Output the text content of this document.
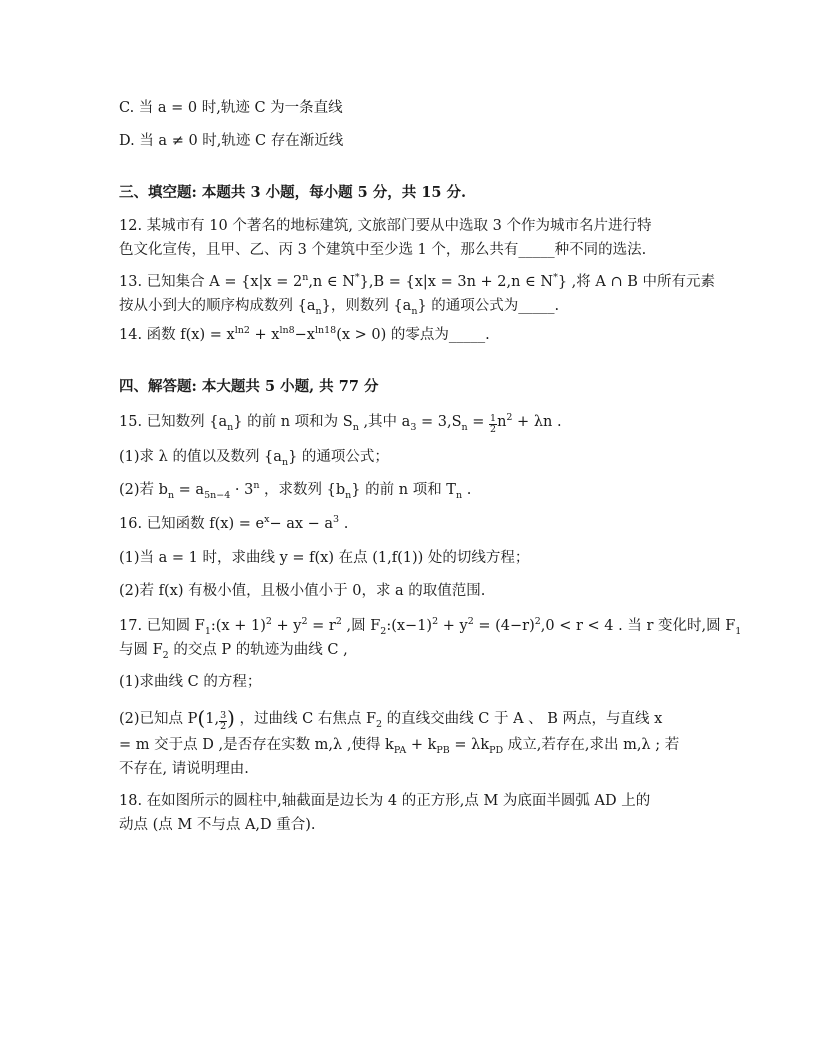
C. 当 a = 0 时,轨迹 C 为一条直线
D. 当 a ≠ 0 时,轨迹 C 存在渐近线
三、填空题: 本题共 3 小题，每小题 5 分，共 15 分.
12. 某城市有 10 个著名的地标建筑, 文旅部门要从中选取 3 个作为城市名片进行特
色文化宣传，且甲、乙、丙 3 个建筑中至少选 1 个，那么共有_____种不同的选法.
13. 已知集合 $A = \{x|x = 2^n,n$ ∈ N*},B = {x|x = 3n + 2,n ∈ N*} ,将 A ∩ B 中所有元素
按从小到大的顺序构成数列 $\{a_n\}$，则数列 $\{a_n\}$ 的通项公式为_____.
14. 函数 $f(x) = x^{ln2} + x^{ln8}-x^{ln18}(x > 0)$ 的零点为_____.
四、解答题: 本大题共 5 小题, 共 77 分
15. 已知数列 $\{a_n\}$ 的前 n 项和为 $S_n$ ,其中 $a_3 = 3,S_n = \frac{1}{2} n^2 + \lambda n$ .
(1)求 λ 的值以及数列 $\{a_n\}$ 的通项公式；
(2)若 $b_n = a_{5n-4} \cdot 3^n$ ，求数列 $\{b_n\}$ 的前 n 项和 $T_n$ .
16. 已知函数 $f(x) = e^x-$ ax − $a^3$ .
(1)当 a = 1 时，求曲线 y = f(x) 在点 (1,f(1)) 处的切线方程；
(2)若 f(x) 有极小值，且极小值小于 0，求 a 的取值范围.
17. 已知圆 $F_1:(x + 1)^2 + y^2 = r^2$ ,圆 $F_2:(x-1)^2 + y^2 = (4-r)^2,0 < r < 4$ . 当 r 变化时,圆 $F_1$
与圆 $F_2$ 的交点 P 的轨迹为曲线 C ,
(1)求曲线 C 的方程；
(2)已知点 P(1, $\frac{3}{2}$ ) ，过曲线 C 右焦点 $F_2$ 的直线交曲线 C 于 A 、 B 两点，与直线 x
= m 交于点 D ,是否存在实数 m,λ ,使得 $k_{PA} + k_{PB} = \lambda k_{PD}$ 成立,若存在,求出 m,λ ; 若
不存在, 请说明理由.
18. 在如图所示的圆柱中,轴截面是边长为 4 的正方形,点 M 为底面半圆弧 AD 上的
动点 (点 M 不与点 A,D 重合).
